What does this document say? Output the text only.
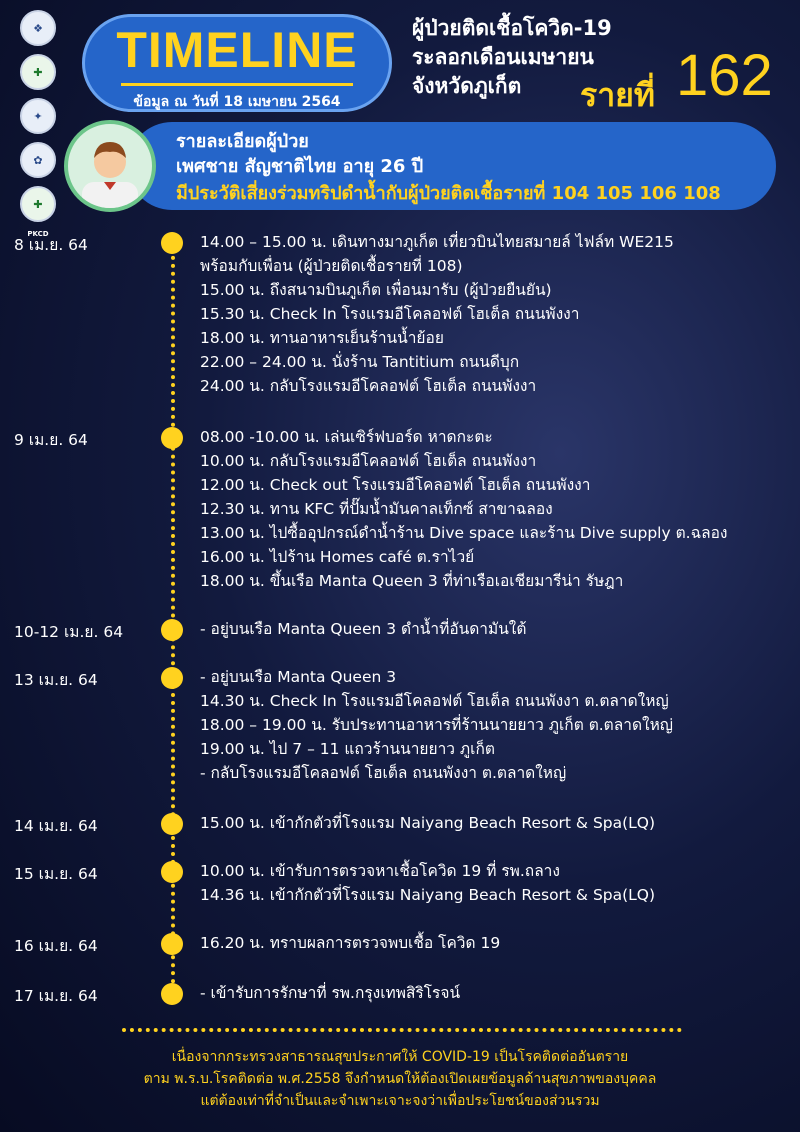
❖
✚
✦
✿
✚
PKCD
TIMELINE
ข้อมูล ณ วันที่ 18 เมษายน 2564
ผู้ป่วยติดเชื้อโควิด-19
ระลอกเดือนเมษายน
จังหวัดภูเก็ต	รายที่ 162
รายละเอียดผู้ป่วย
เพศชาย สัญชาติไทย อายุ 26 ปี
มีประวัติเสี่ยงร่วมทริปดำน้ำกับผู้ป่วยติดเชื้อรายที่ 104 105 106 108
8 เม.ย. 64	14.00 – 15.00 น. เดินทางมาภูเก็ต เที่ยวบินไทยสมายล์ ไฟล์ท WE215
พร้อมกับเพื่อน (ผู้ป่วยติดเชื้อรายที่ 108)
15.00 น. ถึงสนามบินภูเก็ต เพื่อนมารับ (ผู้ป่วยยืนยัน)
15.30 น. Check In โรงแรมอีโคลอฟต์ โฮเต็ล ถนนพังงา
18.00 น. ทานอาหารเย็นร้านน้ำย้อย
22.00 – 24.00 น. นั่งร้าน Tantitium ถนนดีบุก
24.00 น. กลับโรงแรมอีโคลอฟต์ โฮเต็ล ถนนพังงา
9 เม.ย. 64	08.00 -10.00 น. เล่นเซิร์ฟบอร์ด หาดกะตะ
10.00 น. กลับโรงแรมอีโคลอฟต์ โฮเต็ล ถนนพังงา
12.00 น. Check out โรงแรมอีโคลอฟต์ โฮเต็ล ถนนพังงา
12.30 น. ทาน KFC ที่ปั๊มน้ำมันคาลเท็กซ์ สาขาฉลอง
13.00 น. ไปซื้ออุปกรณ์ดำน้ำร้าน Dive space และร้าน Dive supply ต.ฉลอง
16.00 น. ไปร้าน Homes café ต.ราไวย์
18.00 น. ขึ้นเรือ Manta Queen 3 ที่ท่าเรือเอเชียมารีน่า รัษฎา
10-12 เม.ย. 64	- อยู่บนเรือ Manta Queen 3 ดำน้ำที่อันดามันใต้
13 เม.ย. 64	- อยู่บนเรือ Manta Queen 3
14.30 น. Check In โรงแรมอีโคลอฟต์ โฮเต็ล ถนนพังงา ต.ตลาดใหญ่
18.00 – 19.00 น. รับประทานอาหารที่ร้านนายยาว ภูเก็ต ต.ตลาดใหญ่
19.00 น. ไป 7 – 11 แถวร้านนายยาว ภูเก็ต
- กลับโรงแรมอีโคลอฟต์ โฮเต็ล ถนนพังงา ต.ตลาดใหญ่
14 เม.ย. 64	15.00 น. เข้ากักตัวที่โรงแรม Naiyang Beach Resort & Spa(LQ)
15 เม.ย. 64	10.00 น. เข้ารับการตรวจหาเชื้อโควิด 19 ที่ รพ.ถลาง
14.36 น. เข้ากักตัวที่โรงแรม Naiyang Beach Resort & Spa(LQ)
16 เม.ย. 64	16.20 น. ทราบผลการตรวจพบเชื้อ โควิด 19
17 เม.ย. 64	- เข้ารับการรักษาที่ รพ.กรุงเทพสิริโรจน์
เนื่องจากกระทรวงสาธารณสุขประกาศให้ COVID-19 เป็นโรคติดต่ออันตราย
ตาม พ.ร.บ.โรคติดต่อ พ.ศ.2558 จึงกำหนดให้ต้องเปิดเผยข้อมูลด้านสุขภาพของบุคคล
แต่ต้องเท่าที่จำเป็นและจำเพาะเจาะจงว่าเพื่อประโยชน์ของส่วนรวม
